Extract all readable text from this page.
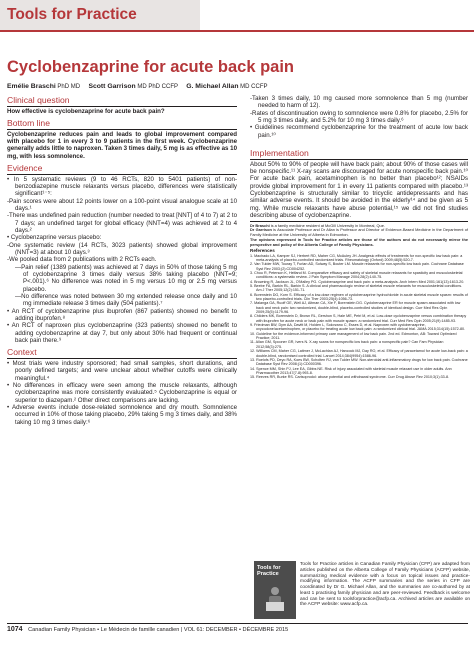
Tools for Practice
Cyclobenzaprine for acute back pain
Emélie Braschi PhD MD Scott Garrison MD PhD CCFP G. Michael Allan MD CCFP
Clinical question

How effective is cyclobenzaprine for acute back pain?

Bottom line

Cyclobenzaprine reduces pain and leads to global improvement compared with placebo for 1 in every 3 to 9 patients in the first week. Cyclobenzaprine generally adds little to naproxen. Taken 3 times daily, 5 mg is as effective as 10 mg, with less somnolence.

Evidence

• In 5 systematic reviews (9 to 46 RCTs, 820 to 5401 patients) of non-benzodiazepine muscle relaxants versus placebo, differences were statistically significant¹⁻⁵:

-Pain scores were about 12 points lower on a 100-point visual analogue scale at 10 days.¹

-There was undefined pain reduction (number needed to treat [NNT] of 4 to 7) at 2 to 7 days; an undefined target for global efficacy (NNT=4) was achieved at 2 to 4 days.²

• Cyclobenzaprine versus placebo:

-One systematic review (14 RCTs, 3023 patients) showed global improvement (NNT=3) at about 10 days.³

-We pooled data from 2 publications with 2 RCTs each.

—Pain relief (1389 patients) was achieved at 7 days in 50% of those taking 5 mg of cyclobenzaprine 3 times daily versus 38% taking placebo (NNT=9; P<.001).⁶ No difference was noted in 5 mg versus 10 mg or 2.5 mg versus placebo.

—No difference was noted between 30 mg extended release once daily and 10 mg immediate release 3 times daily (504 patients).⁷

• An RCT of cyclobenzaprine plus ibuprofen (867 patients) showed no benefit to adding ibuprofen.⁸

• An RCT of naproxen plus cyclobenzaprine (323 patients) showed no benefit to adding cyclobenzaprine at day 7, but only about 30% had frequent or continual back pain there.⁹

Context

• Most trials were industry sponsored; had small samples, short durations, and poorly defined targets; and were unclear about whether cutoffs were clinically meaningful.⁴

• No differences in efficacy were seen among the muscle relaxants, although cyclobenzaprine was more consistently evaluated.⁵ Cyclobenzaprine is equal or superior to diazepam.² Other direct comparisons are lacking.

• Adverse events include dose-related somnolence and dry mouth. Somnolence occurred in 10% of those taking placebo, 29% taking 5 mg 3 times daily, and 38% taking 10 mg 3 times daily:⁶

-Taken 3 times daily, 10 mg caused more somnolence than 5 mg (number needed to harm of 12).

-Rates of discontinuation owing to somnolence were 0.8% for placebo, 2.5% for 5 mg 3 times daily, and 5.2% for 10 mg 3 times daily.⁶

• Guidelines recommend cyclobenzaprine for the treatment of acute low back pain.¹⁰

Implementation

About 50% to 90% of people will have back pain; about 90% of those cases will be nonspecific.¹¹ X-ray scans are discouraged for acute nonspecific back pain.¹⁰ For acute back pain, acetaminophen is no better than placebo¹²; NSAIDs provide global improvement for 1 in every 11 patients compared with placebo.¹³ Cyclobenzaprine is structurally similar to tricyclic antidepressants and has similar adverse events. It should be avoided in the elderly¹⁴ and be given as 5 mg. While muscle relaxants have abuse potential,¹⁵ we did not find studies describing abuse of cyclobenzaprine.

Dr Braschi is a family medicine resident at McGill University in Montreal, Que.

Dr Garrison is Associate Professor and Dr Allan is Professor and Director of Evidence-Based Medicine in the Department of Family Medicine at the University of Alberta in Edmonton.

The opinions expressed in Tools for Practice articles are those of the authors and do not necessarily mirror the perspective and policy of the Alberta College of Family Physicians.

References
1. Machado LA, Kamper SJ, Herbert RD, Maher CG, McAuley JH. Analgesic effects of treatments for non-specific low back pain: a meta-analysis of placebo-controlled randomized trials. Rheumatology (Oxford) 2009;48(5):520-7.
2. Van Tulder MW, Touray T, Furlan AD, Solway S, Bouter LM. Muscle relaxants for non-specific low back pain. Cochrane Database Syst Rev 2003;(2):CD004252.
3. Chou R, Peterson K, Helfand M. Comparative efficacy and safety of skeletal muscle relaxants for spasticity and musculoskeletal conditions: a systematic review. J Pain Symptom Manage 2004;28(2):140-75.
4. Browning R, Jackson JL, O'Malley PG. Cyclobenzaprine and back pain: a meta-analysis. Arch Intern Med 2001;161(13):1613-20.
5. Beebe FA, Barkin RL, Barkin S. A clinical and pharmacologic review of skeletal muscle relaxants for musculoskeletal conditions. Am J Ther 2005;12(2):151-71.
6. Borenstein DG, Korn S. Efficacy of a low-dose regimen of cyclobenzaprine hydrochloride in acute skeletal muscle spasm: results of two placebo-controlled trials. Clin Ther 2003;25(4):1056-73.
7. Malanga GA, Ruoff GE, Weil AJ, Altman CA, Xie F, Borenstein DG. Cyclobenzaprine ER for muscle spasm associated with low back and neck pain: two randomized, double-blind, placebo-controlled studies of identical design. Curr Med Res Opin 2009;25(5):1179-96.
8. Childers MK, Borenstein D, Brown RL, Gershon S, Hale ME, Petri M, et al. Low-dose cyclobenzaprine versus combination therapy with ibuprofen for acute neck or back pain with muscle spasm: a randomized trial. Curr Med Res Opin 2005;21(9):1485-93.
9. Friedman BW, Dym AA, Davitt M, Holden L, Solorzano C, Esses D, et al. Naproxen with cyclobenzaprine, oxycodone/acetaminophen, or placebo for treating acute low back pain: a randomized clinical trial. JAMA 2015;314(15):1572-80.
10. Guideline for the evidence-informed primary care management of low back pain. 2nd ed. Edmonton, AB: Toward Optimized Practice; 2011.
11. Allan GM, Spooner GR, Ivers N. X-ray scans for nonspecific low back pain: a nonspecific pain? Can Fam Physician 2012;58(3):275.
12. Williams CM, Maher CG, Latimer J, McLachlan AJ, Hancock MJ, Day RO, et al. Efficacy of paracetamol for acute low-back pain: a double-blind, randomised controlled trial. Lancet 2014;384(9954):1586-96.
13. Roelofs PD, Deyo RA, Koes BW, Scholten RJ, van Tulder MW. Non-steroidal anti-inflammatory drugs for low back pain. Cochrane Database Syst Rev 2008;(1):CD000396.
14. Spence MM, Shin PJ, Lee EA, Gibbs NE. Risk of injury associated with skeletal muscle relaxant use in older adults. Ann Pharmacother 2013;47(7-8):993-8.
15. Reeves RR, Burke RS. Carisoprodol: abuse potential and withdrawal syndrome. Curr Drug Abuse Rev 2010;3(1):33-8.
Tools for Practice

Tools for Practice articles in Canadian Family Physician (CFP) are adapted from articles published on the Alberta College of Family Physicians (ACFP) website, summarizing medical evidence with a focus on topical issues and practice-modifying information. The ACFP summaries and the series in CFP are coordinated by Dr G. Michael Allan, and the summaries are co-authored by at least 1 practising family physician and are peer-reviewed. Feedback is welcome and can be sent to toolsforpractice@acfp.ca. Archived articles are available on the ACFP website: www.acfp.ca.

1074 Canadian Family Physician • Le Médecin de famille canadien | VOL 61: DECEMBER • DÉCEMBRE 2015
